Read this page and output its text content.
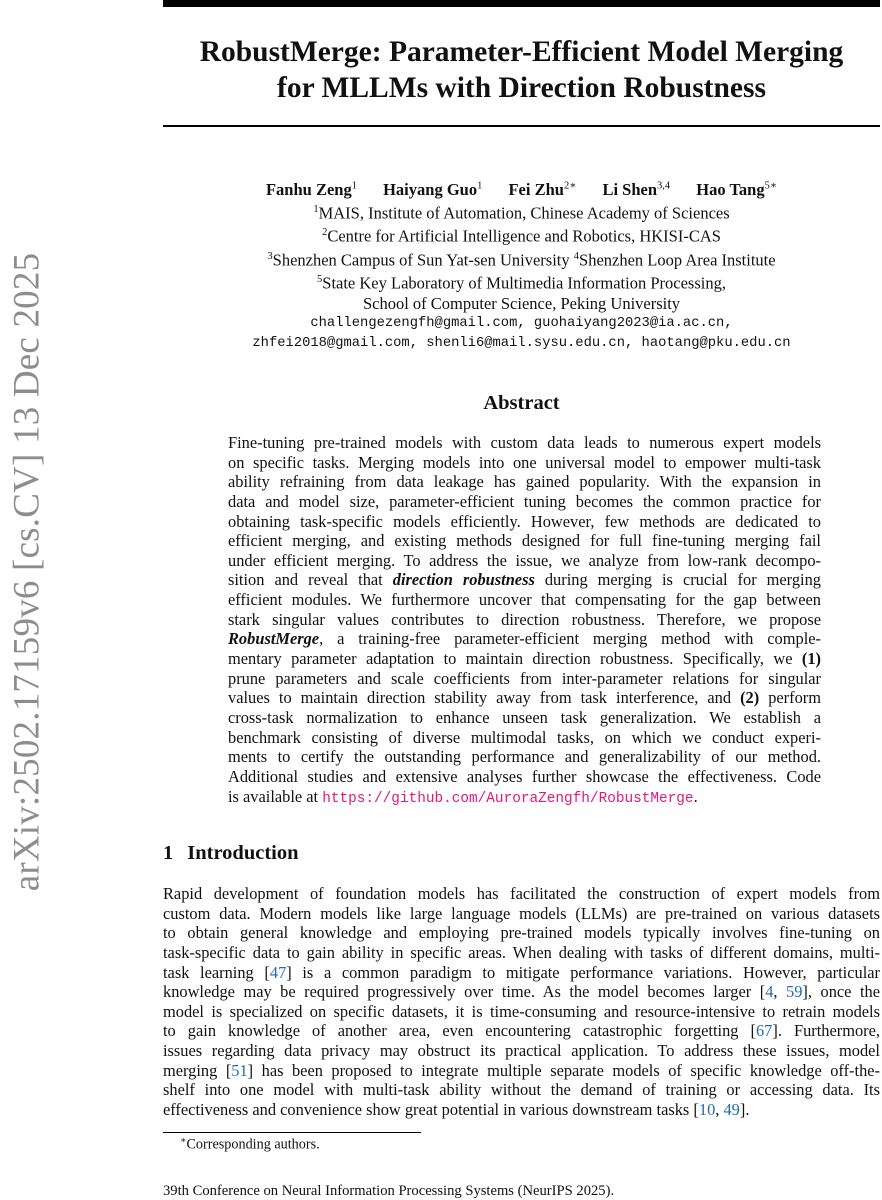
arXiv:2502.17159v6 [cs.CV] 13 Dec 2025
RobustMerge: Parameter-Efficient Model Merging
for MLLMs with Direction Robustness
Fanhu Zeng$^1$ Haiyang Guo$^1$ Fei Zhu$^{2∗}$ Li Shen$^{3,4}$ Hao Tang$^{5∗}$
$^1$MAIS, Institute of Automation, Chinese Academy of Sciences
$^2$Centre for Artificial Intelligence and Robotics, HKISI-CAS
$^3$Shenzhen Campus of Sun Yat-sen University $^4$Shenzhen Loop Area Institute
$^5$State Key Laboratory of Multimedia Information Processing,
School of Computer Science, Peking University
challengezengfh@gmail.com, guohaiyang2023@ia.ac.cn,
zhfei2018@gmail.com, shenli6@mail.sysu.edu.cn, haotang@pku.edu.cn
Abstract
Fine-tuning pre-trained models with custom data leads to numerous expert models
on specific tasks. Merging models into one universal model to empower multi-task
ability refraining from data leakage has gained popularity. With the expansion in
data and model size, parameter-efficient tuning becomes the common practice for
obtaining task-specific models efficiently. However, few methods are dedicated to
efficient merging, and existing methods designed for full fine-tuning merging fail
under efficient merging. To address the issue, we analyze from low-rank decompo-
sition and reveal that direction robustness during merging is crucial for merging
efficient modules. We furthermore uncover that compensating for the gap between
stark singular values contributes to direction robustness. Therefore, we propose
RobustMerge, a training-free parameter-efficient merging method with comple-
mentary parameter adaptation to maintain direction robustness. Specifically, we (1)
prune parameters and scale coefficients from inter-parameter relations for singular
values to maintain direction stability away from task interference, and (2) perform
cross-task normalization to enhance unseen task generalization. We establish a
benchmark consisting of diverse multimodal tasks, on which we conduct experi-
ments to certify the outstanding performance and generalizability of our method.
Additional studies and extensive analyses further showcase the effectiveness. Code
is available at https://github.com/AuroraZengfh/RobustMerge.
1 Introduction
Rapid development of foundation models has facilitated the construction of expert models from
custom data. Modern models like large language models (LLMs) are pre-trained on various datasets
to obtain general knowledge and employing pre-trained models typically involves fine-tuning on
task-specific data to gain ability in specific areas. When dealing with tasks of different domains, multi-
task learning [47] is a common paradigm to mitigate performance variations. However, particular
knowledge may be required progressively over time. As the model becomes larger [4, 59], once the
model is specialized on specific datasets, it is time-consuming and resource-intensive to retrain models
to gain knowledge of another area, even encountering catastrophic forgetting [67]. Furthermore,
issues regarding data privacy may obstruct its practical application. To address these issues, model
merging [51] has been proposed to integrate multiple separate models of specific knowledge off-the-
shelf into one model with multi-task ability without the demand of training or accessing data. Its
effectiveness and convenience show great potential in various downstream tasks [10, 49].
∗Corresponding authors.
39th Conference on Neural Information Processing Systems (NeurIPS 2025).
